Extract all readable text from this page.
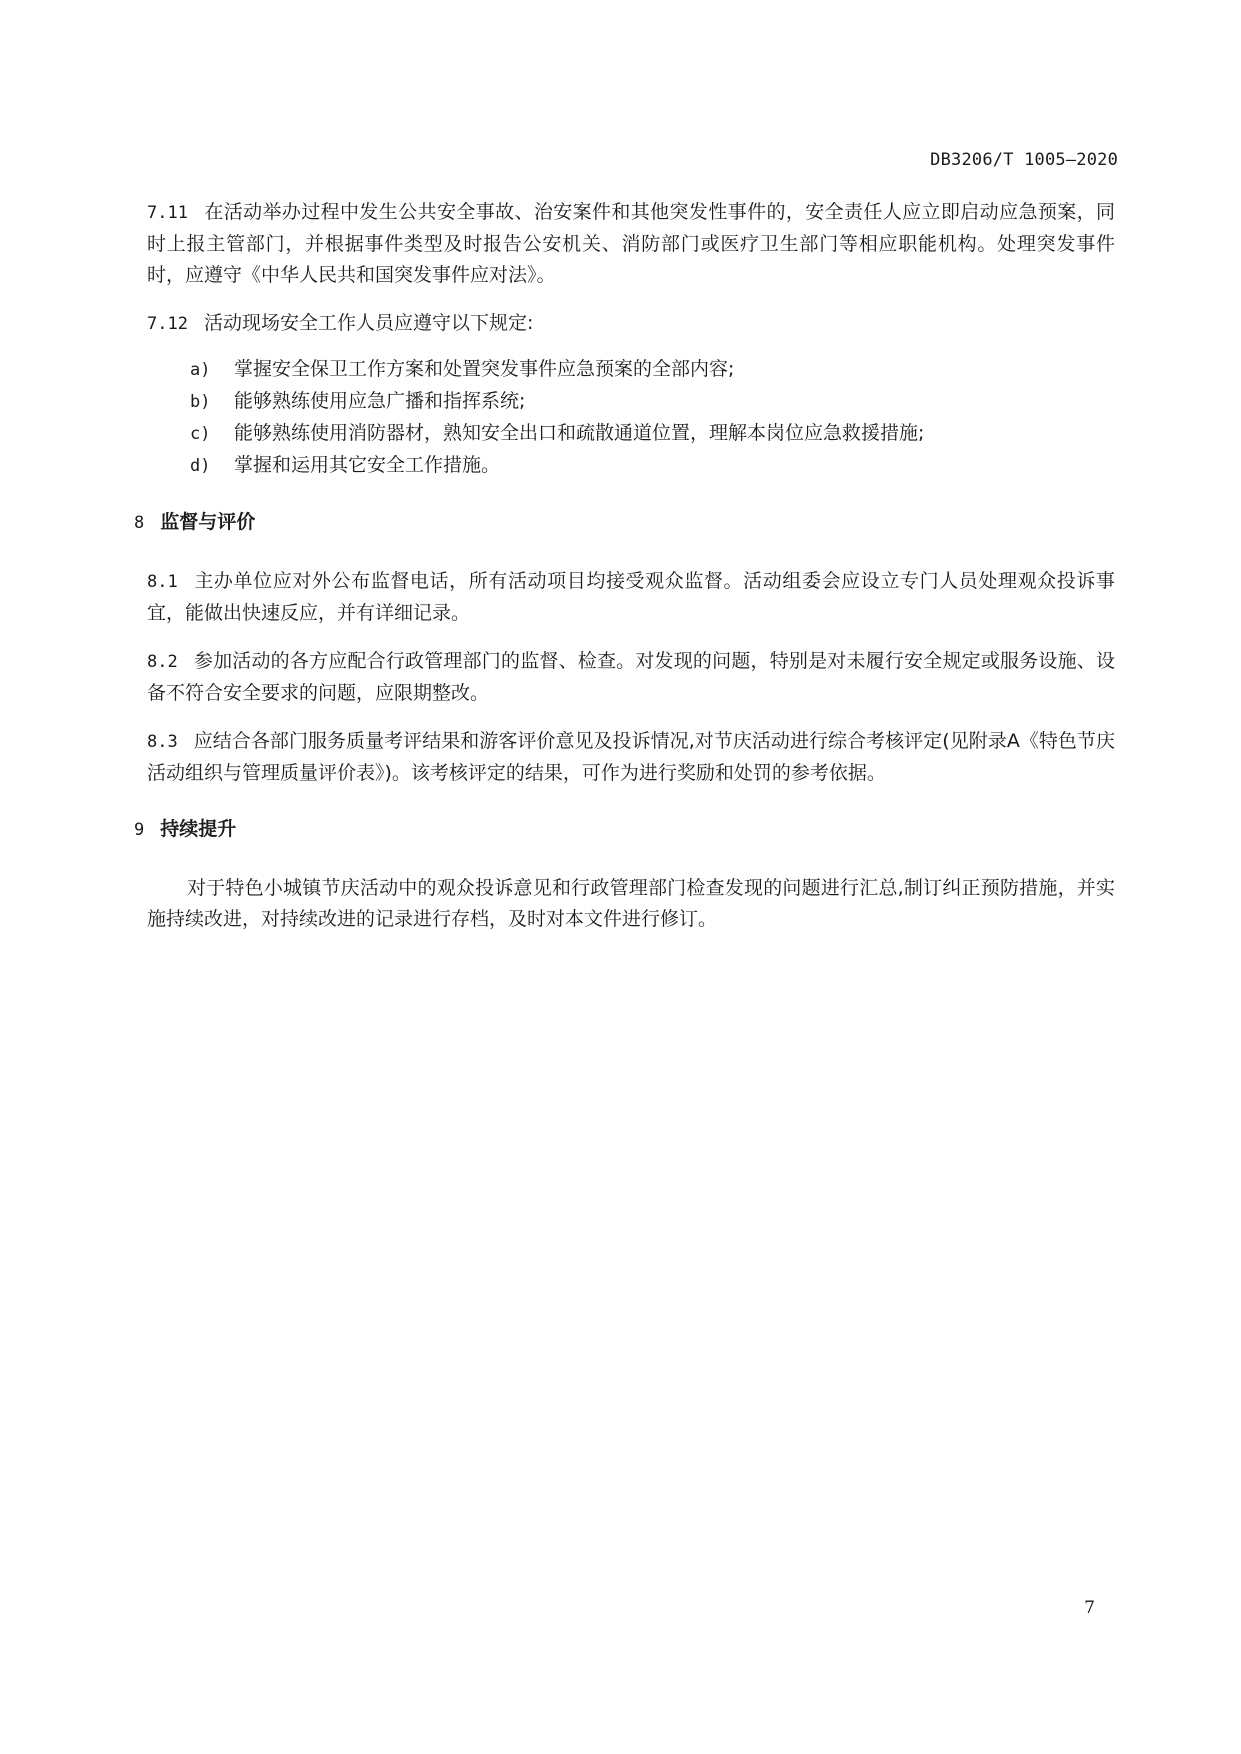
DB3206/T 1005—2020

7.11 在活动举办过程中发生公共安全事故、治安案件和其他突发性事件的，安全责任人应立即启动应急预案，同时上报主管部门，并根据事件类型及时报告公安机关、消防部门或医疗卫生部门等相应职能机构。处理突发事件时，应遵守《中华人民共和国突发事件应对法》。

7.12 活动现场安全工作人员应遵守以下规定:

a) 掌握安全保卫工作方案和处置突发事件应急预案的全部内容;
b) 能够熟练使用应急广播和指挥系统;
c) 能够熟练使用消防器材，熟知安全出口和疏散通道位置，理解本岗位应急救援措施;
d) 掌握和运用其它安全工作措施。
8 监督与评价

8.1 主办单位应对外公布监督电话，所有活动项目均接受观众监督。活动组委会应设立专门人员处理观众投诉事宜，能做出快速反应，并有详细记录。

8.2 参加活动的各方应配合行政管理部门的监督、检查。对发现的问题，特别是对未履行安全规定或服务设施、设备不符合安全要求的问题，应限期整改。

8.3 应结合各部门服务质量考评结果和游客评价意见及投诉情况,对节庆活动进行综合考核评定(见附录A《特色节庆活动组织与管理质量评价表》)。该考核评定的结果，可作为进行奖励和处罚的参考依据。

9 持续提升

对于特色小城镇节庆活动中的观众投诉意见和行政管理部门检查发现的问题进行汇总,制订纠正预防措施，并实施持续改进，对持续改进的记录进行存档，及时对本文件进行修订。

7
